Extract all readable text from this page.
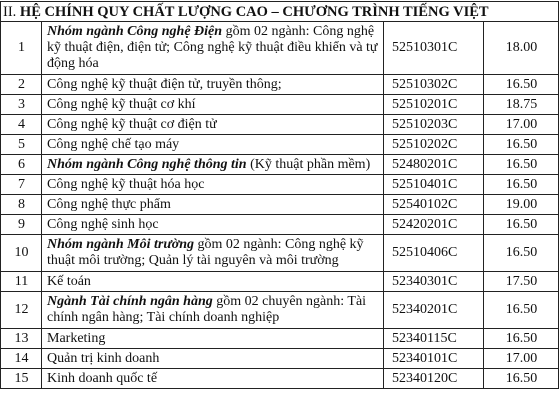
II. HỆ CHÍNH QUY CHẤT LƯỢNG CAO – CHƯƠNG TRÌNH TIẾNG VIỆT			
1	Nhóm ngành Công nghệ Điện gồm 02 ngành: Công nghệ kỹ thuật điện, điện tử; Công nghệ kỹ thuật điều khiển và tự động hóa	52510301C	18.00
2	Công nghệ kỹ thuật điện tử, truyền thông;	52510302C	16.50
3	Công nghệ kỹ thuật cơ khí	52510201C	18.75
4	Công nghệ kỹ thuật cơ điện tử	52510203C	17.00
5	Công nghệ chế tạo máy	52510202C	16.50
6	Nhóm ngành Công nghệ thông tin (Kỹ thuật phần mềm)	52480201C	16.50
7	Công nghệ kỹ thuật hóa học	52510401C	16.50
8	Công nghệ thực phẩm	52540102C	19.00
9	Công nghệ sinh học	52420201C	16.50
10	Nhóm ngành Môi trường gồm 02 ngành: Công nghệ kỹ thuật môi trường; Quản lý tài nguyên và môi trường	52510406C	16.50
11	Kế toán	52340301C	17.50
12	Ngành Tài chính ngân hàng gồm 02 chuyên ngành: Tài chính ngân hàng; Tài chính doanh nghiệp	52340201C	16.50
13	Marketing	52340115C	16.50
14	Quản trị kinh doanh	52340101C	17.00
15	Kinh doanh quốc tế	52340120C	16.50
